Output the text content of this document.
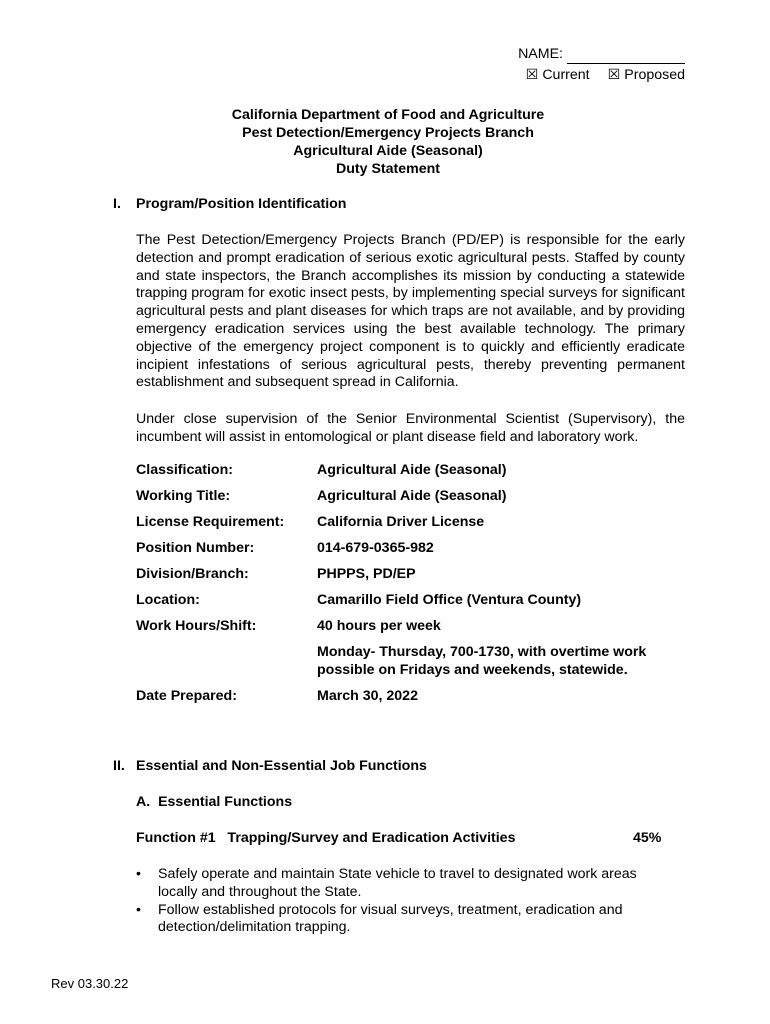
NAME:
☒ Current ☒ Proposed
California Department of Food and Agriculture
Pest Detection/Emergency Projects Branch
Agricultural Aide (Seasonal)
Duty Statement
I.	Program/Position Identification
The Pest Detection/Emergency Projects Branch (PD/EP) is responsible for the early detection and prompt eradication of serious exotic agricultural pests. Staffed by county and state inspectors, the Branch accomplishes its mission by conducting a statewide trapping program for exotic insect pests, by implementing special surveys for significant agricultural pests and plant diseases for which traps are not available, and by providing emergency eradication services using the best available technology. The primary objective of the emergency project component is to quickly and efficiently eradicate incipient infestations of serious agricultural pests, thereby preventing permanent establishment and subsequent spread in California.
Under close supervision of the Senior Environmental Scientist (Supervisory), the incumbent will assist in entomological or plant disease field and laboratory work.
Classification:	Agricultural Aide (Seasonal)
Working Title:	Agricultural Aide (Seasonal)
License Requirement:	California Driver License
Position Number:	014-679-0365-982
Division/Branch:	PHPPS, PD/EP
Location:	Camarillo Field Office (Ventura County)
Work Hours/Shift:	40 hours per week
Monday- Thursday, 700-1730, with overtime work possible on Fridays and weekends, statewide.
Date Prepared:	March 30, 2022
II. Essential and Non-Essential Job Functions
A.  Essential Functions
Function #1   Trapping/Survey and Eradication Activities	45%
•	Safely operate and maintain State vehicle to travel to designated work areas locally and throughout the State.
•	Follow established protocols for visual surveys, treatment, eradication and detection/delimitation trapping.
Rev 03.30.22
